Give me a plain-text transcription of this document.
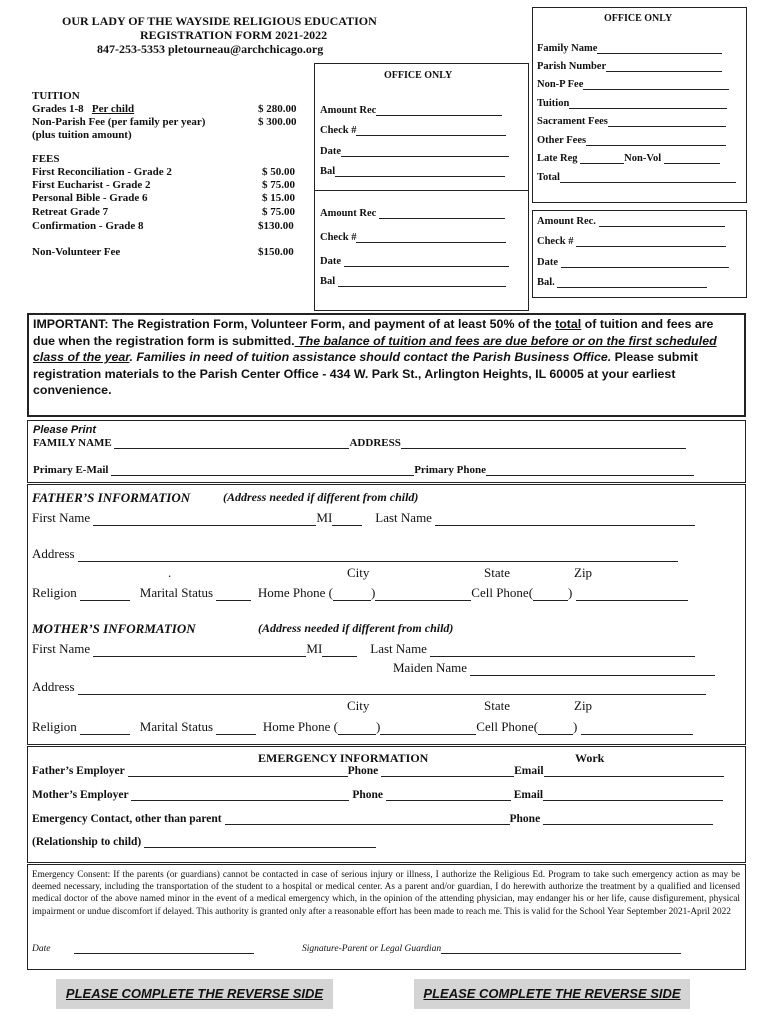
OUR LADY OF THE WAYSIDE RELIGIOUS EDUCATION
REGISTRATION FORM 2021-2022
847-253-5353 pletourneau@archchicago.org
TUITION
Grades 1-8 Per child	$ 280.00
Non-Parish Fee (per family per year)	$ 300.00
(plus tuition amount)
FEES
First Reconciliation - Grade 2	$ 50.00
First Eucharist - Grade 2	$ 75.00
Personal Bible - Grade 6	$ 15.00
Retreat Grade 7	$ 75.00
Confirmation - Grade 8	$130.00
Non-Volunteer Fee	$150.00
OFFICE ONLY
Amount Rec
Check #
Date
Bal
Amount Rec
Check #
Date
Bal
OFFICE ONLY
Family Name
Parish Number
Non-P Fee
Tuition
Sacrament Fees
Other Fees
Late Reg	Non-Vol
Total
Amount Rec.
Check #
Date
Bal.
IMPORTANT: The Registration Form, Volunteer Form, and payment of at least 50% of the total of tuition and fees are due when the registration form is submitted. The balance of tuition and fees are due before or on the first scheduled class of the year. Families in need of tuition assistance should contact the Parish Business Office. Please submit registration materials to the Parish Center Office - 434 W. Park St., Arlington Heights, IL 60005 at your earliest convenience.
Please Print
FAMILY NAME	ADDRESS
Primary E-Mail	Primary Phone
FATHER’S INFORMATION	(Address needed if different from child)
First Name	MI	Last Name
Address
.	City	State	Zip
Religion	Marital Status	Home Phone (	)	Cell Phone(	)
MOTHER’S INFORMATION	(Address needed if different from child)
First Name	MI	Last Name
Maiden Name
Address
City	State	Zip
Religion	Marital Status	Home Phone (	)	Cell Phone(	)
EMERGENCY INFORMATION	Work
Father’s Employer	Phone	Email
Mother’s Employer	Phone	Email
Emergency Contact, other than parent	Phone
(Relationship to child)
Emergency Consent: If the parents (or guardians) cannot be contacted in case of serious injury or illness, I authorize the Religious Ed. Program to take such emergency action as may be deemed necessary, including the transportation of the student to a hospital or medical center. As a parent and/or guardian, I do herewith authorize the treatment by a qualified and licensed medical doctor of the above named minor in the event of a medical emergency which, in the opinion of the attending physician, may endanger his or her life, cause disfigurement, physical impairment or undue discomfort if delayed. This authority is granted only after a reasonable effort has been made to reach me. This is valid for the School Year September 2021-April 2022
Date	Signature-Parent or Legal Guardian
PLEASE COMPLETE THE REVERSE SIDE	PLEASE COMPLETE THE REVERSE SIDE
